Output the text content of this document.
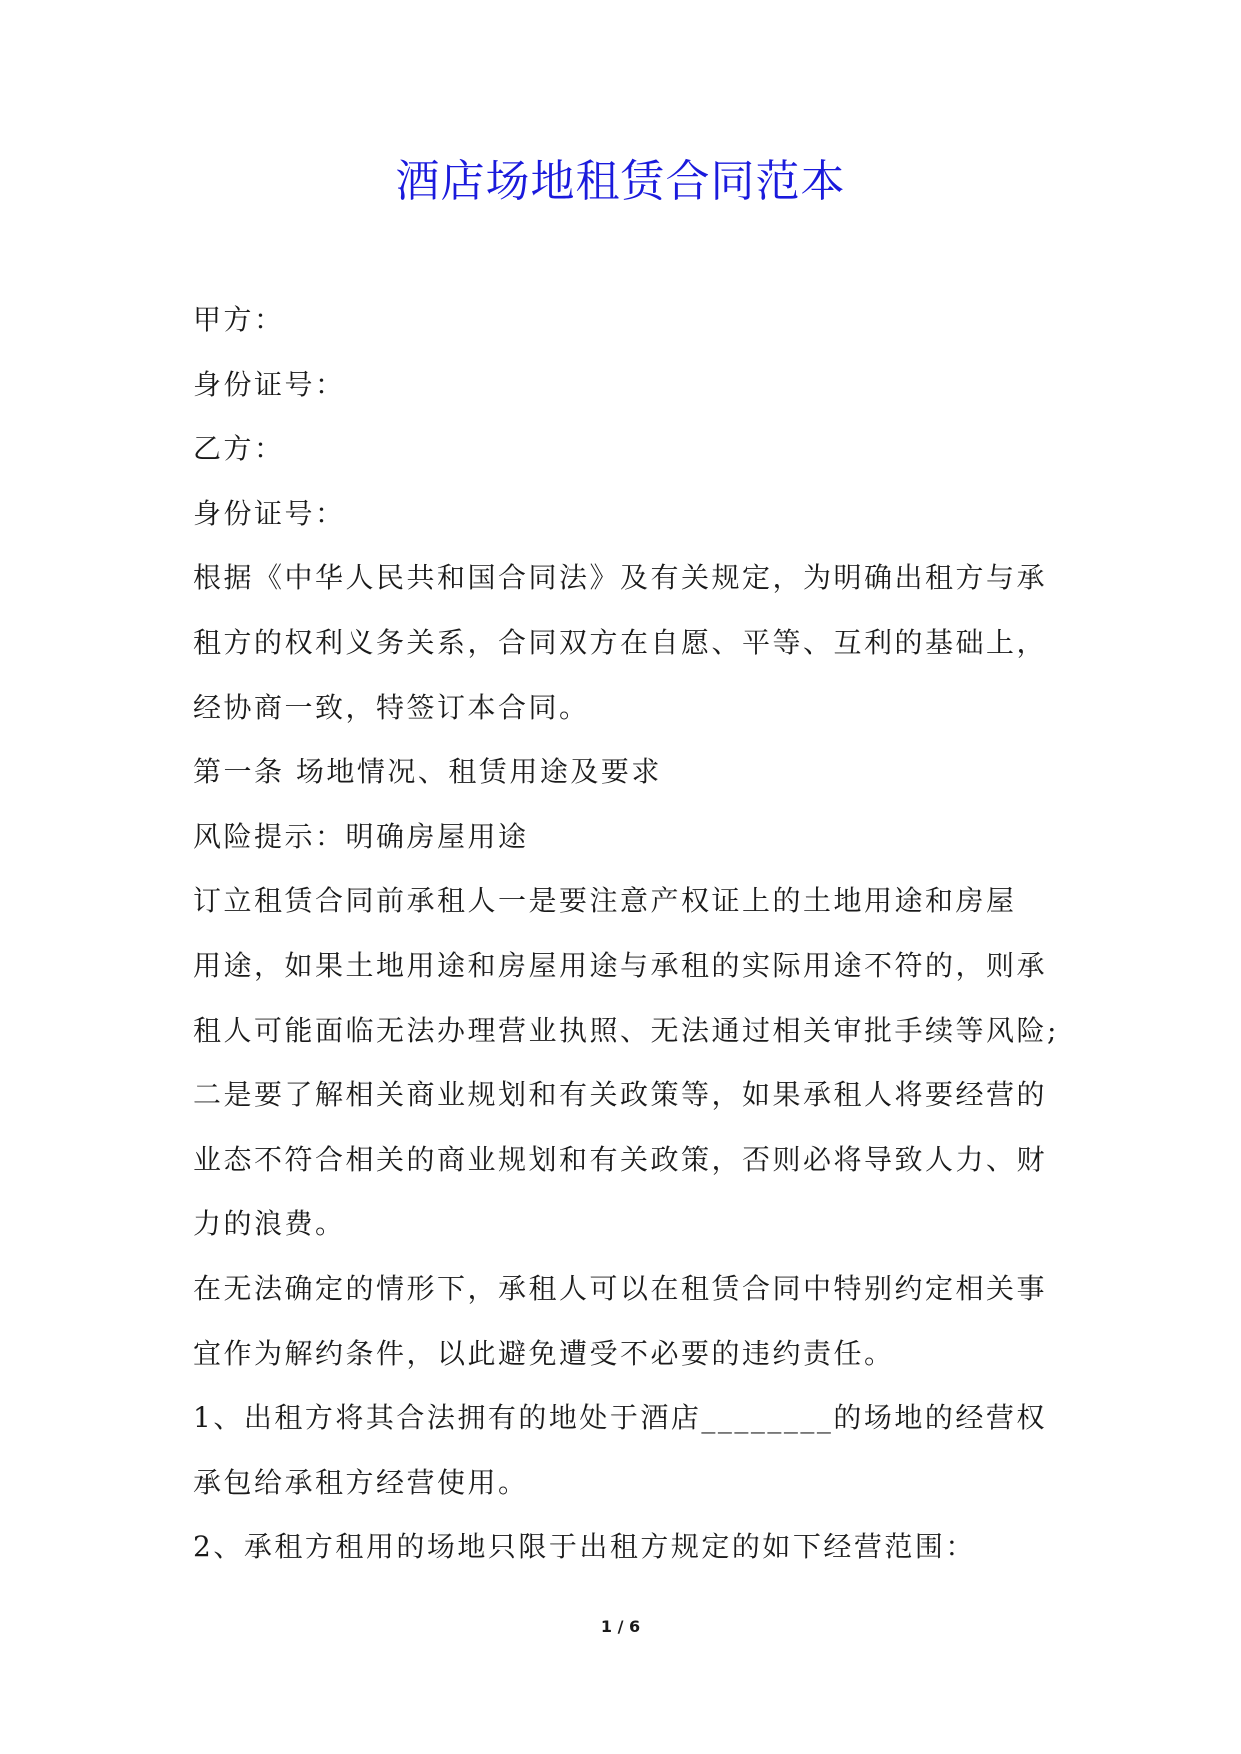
酒店场地租赁合同范本
甲方：
身份证号：
乙方：
身份证号：
根据《中华人民共和国合同法》及有关规定，为明确出租方与承
租方的权利义务关系，合同双方在自愿、平等、互利的基础上，
经协商一致，特签订本合同。
第一条 场地情况、租赁用途及要求
风险提示：明确房屋用途
订立租赁合同前承租人一是要注意产权证上的土地用途和房屋
用途，如果土地用途和房屋用途与承租的实际用途不符的，则承
租人可能面临无法办理营业执照、无法通过相关审批手续等风险;
二是要了解相关商业规划和有关政策等，如果承租人将要经营的
业态不符合相关的商业规划和有关政策，否则必将导致人力、财
力的浪费。
在无法确定的情形下，承租人可以在租赁合同中特别约定相关事
宜作为解约条件，以此避免遭受不必要的违约责任。
1、出租方将其合法拥有的地处于酒店________的场地的经营权
承包给承租方经营使用。
2、承租方租用的场地只限于出租方规定的如下经营范围：
1 / 6
